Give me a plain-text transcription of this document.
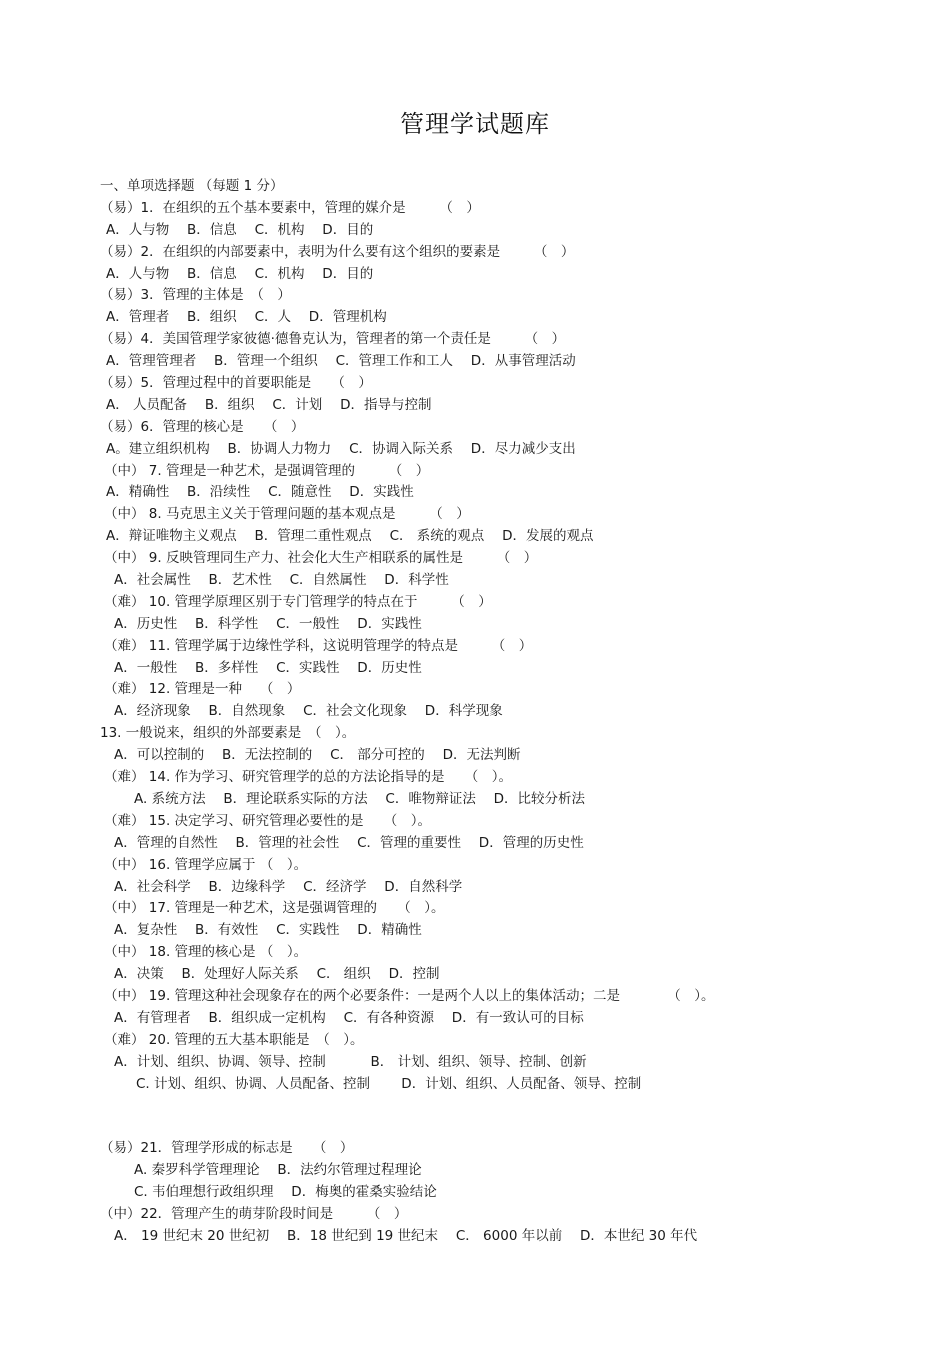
管理学试题库
一、单项选择题 （每题 1 分）
（易）1．在组织的五个基本要素中，管理的媒介是　　　（　）
A．人与物　 B．信息　 C．机构　 D．目的
（易）2．在组织的内部要素中，表明为什么要有这个组织的要素是　　　（　）
A．人与物　 B．信息　 C．机构　 D．目的
（易）3．管理的主体是　（　）
A．管理者　 B．组织　 C．人　 D．管理机构
（易）4．美国管理学家彼德·德鲁克认为，管理者的第一个责任是　　　（　）
A．管理管理者　 B．管理一个组织　 C．管理工作和工人　 D．从事管理活动
（易）5．管理过程中的首要职能是　　（　）
A． 人员配备　 B．组织　 C．计划　 D．指导与控制
（易）6．管理的核心是　　（　）
A。建立组织机构　 B．协调人力物力　 C．协调入际关系　 D．尽力减少支出
（中） 7. 管理是一种艺术，是强调管理的　　　（　）
A．精确性　 B．沿续性　 C．随意性　 D．实践性
（中） 8. 马克思主义关于管理问题的基本观点是　　　（　）
A．辩证唯物主义观点　 B．管理二重性观点　 C． 系统的观点　 D．发展的观点
（中） 9. 反映管理同生产力、社会化大生产相联系的属性是　　　（　）
A．社会属性　 B．艺术性　 C．自然属性　 D．科学性
（难） 10. 管理学原理区别于专门管理学的特点在于　　　（　）
A．历史性　 B．科学性　 C．一般性　 D．实践性
（难） 11. 管理学属于边缘性学科，这说明管理学的特点是　　　（　）
A．一般性　 B．多样性　 C．实践性　 D．历史性
（难） 12. 管理是一种　 （　）
A．经济现象　 B．自然现象　 C．社会文化现象　 D．科学现象
13. 一般说来，组织的外部要素是　（　）。
A．可以控制的　 B．无法控制的　 C． 部分可控的　 D．无法判断
（难） 14. 作为学习、研究管理学的总的方法论指导的是　　（　）。
A. 系统方法　 B．理论联系实际的方法　 C．唯物辩证法　 D．比较分析法
（难） 15. 决定学习、研究管理必要性的是　　（　）。
A．管理的自然性　 B．管理的社会性　 C．管理的重要性　 D．管理的历史性
（中） 16. 管理学应属于 （　）。
A．社会科学　 B．边缘科学　 C．经济学　 D．自然科学
（中） 17. 管理是一种艺术，这是强调管理的　　（　）。
A．复杂性　 B．有效性　 C．实践性　 D．精确性
（中） 18. 管理的核心是 （　）。
A．决策　 B．处理好人际关系　 C． 组织　 D．控制
（中） 19. 管理这种社会现象存在的两个必要条件：一是两个人以上的集体活动；二是　　　　（　）。
A．有管理者　 B．组织成一定机构　 C．有各种资源　 D．有一致认可的目标
（难） 20. 管理的五大基本职能是　（　）。
A．计划、组织、协调、领导、控制　　　 B． 计划、组织、领导、控制、创新
C. 计划、组织、协调、人员配备、控制　　 D．计划、组织、人员配备、领导、控制
（易）21．管理学形成的标志是　　（　）
A. 秦罗科学管理理论　 B．法约尔管理过程理论
C. 韦伯理想行政组织理　 D．梅奥的霍桑实验结论
（中）22．管理产生的萌芽阶段时间是　　　（　）
A． 19 世纪末 20 世纪初　 B．18 世纪到 19 世纪末　 C． 6000 年以前　 D．本世纪 30 年代
